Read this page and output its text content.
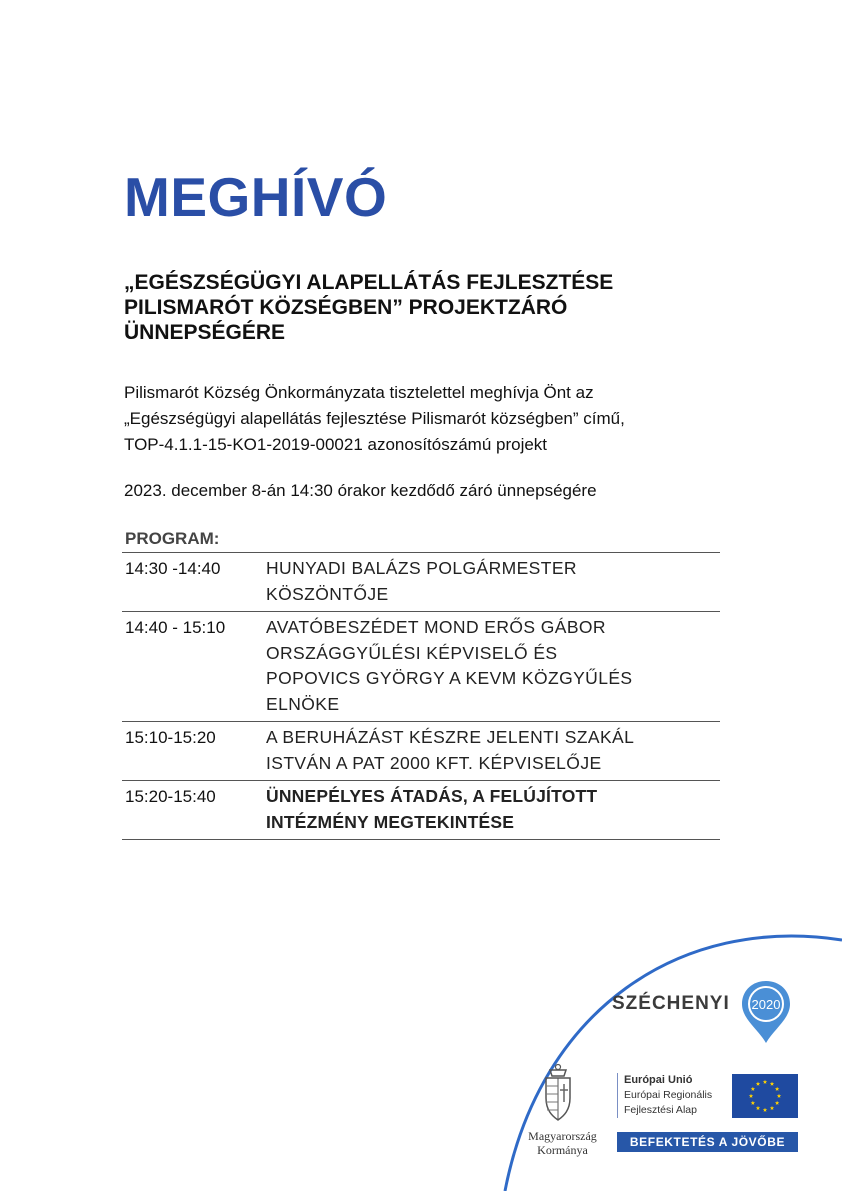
MEGHÍVÓ
„EGÉSZSÉGÜGYI ALAPELLÁTÁS FEJLESZTÉSE
PILISMARÓT KÖZSÉGBEN” PROJEKTZÁRÓ
ÜNNEPSÉGÉRE
Pilismarót Község Önkormányzata tisztelettel meghívja Önt az
„Egészségügyi alapellátás fejlesztése Pilismarót községben” című,
TOP-4.1.1-15-KO1-2019-00021 azonosítószámú projekt

2023. december 8-án 14:30 órakor kezdődő záró ünnepségére

PROGRAM:
14:30 -14:40	HUNYADI BALÁZS POLGÁRMESTER
KÖSZÖNTŐJE
14:40 - 15:10	AVATÓBESZÉDET MOND ERŐS GÁBOR
ORSZÁGGYŰLÉSI KÉPVISELŐ ÉS
POPOVICS GYÖRGY A KEVM KÖZGYŰLÉS
ELNÖKE
15:10-15:20	A BERUHÁZÁST KÉSZRE JELENTI SZAKÁL
ISTVÁN A PAT 2000 KFT. KÉPVISELŐJE
15:20-15:40	ÜNNEPÉLYES ÁTADÁS, A FELÚJÍTOTT
INTÉZMÉNY MEGTEKINTÉSE
SZÉCHENYI 2020
Magyarország
Kormánya
Európai Unió
Európai Regionális
Fejlesztési Alap
BEFEKTETÉS A JÖVŐBE
